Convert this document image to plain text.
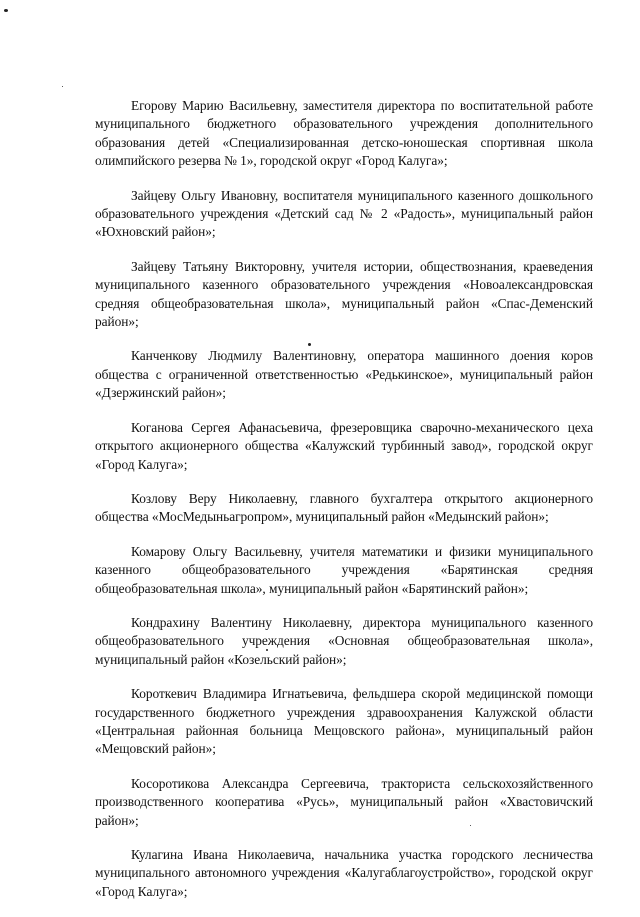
Егорову Марию Васильевну, заместителя директора по воспитательной работе муниципального бюджетного образовательного учреждения дополнительного образования детей «Специализированная детско-юношеская спортивная школа олимпийского резерва № 1», городской округ «Город Калуга»;

Зайцеву Ольгу Ивановну, воспитателя муниципального казенного дошкольного образовательного учреждения «Детский сад № 2 «Радость», муниципальный район «Юхновский район»;

Зайцеву Татьяну Викторовну, учителя истории, обществознания, краеведения муниципального казенного образовательного учреждения «Новоалександровская средняя общеобразовательная школа», муниципальный район «Спас-Деменский район»;

Канченкову Людмилу Валентиновну, оператора машинного доения коров общества с ограниченной ответственностью «Редькинское», муниципальный район «Дзержинский район»;

Коганова Сергея Афанасьевича, фрезеровщика сварочно-механического цеха открытого акционерного общества «Калужский турбинный завод», городской округ «Город Калуга»;

Козлову Веру Николаевну, главного бухгалтера открытого акционерного общества «МосМедыньагропром», муниципальный район «Медынский район»;

Комарову Ольгу Васильевну, учителя математики и физики муниципального казенного общеобразовательного учреждения «Барятинская средняя общеобразовательная школа», муниципальный район «Барятинский район»;

Кондрахину Валентину Николаевну, директора муниципального казенного общеобразовательного учреждения «Основная общеобразовательная школа», муниципальный район «Козельский район»;

Короткевич Владимира Игнатьевича, фельдшера скорой медицинской помощи государственного бюджетного учреждения здравоохранения Калужской области «Центральная районная больница Мещовского района», муниципальный район «Мещовский район»;

Косоротикова Александра Сергеевича, тракториста сельскохозяйственного производственного кооператива «Русь», муниципальный район «Хвастовичский район»;

Кулагина Ивана Николаевича, начальника участка городского лесничества муниципального автономного учреждения «Калугаблагоустройство», городской округ «Город Калуга»;
